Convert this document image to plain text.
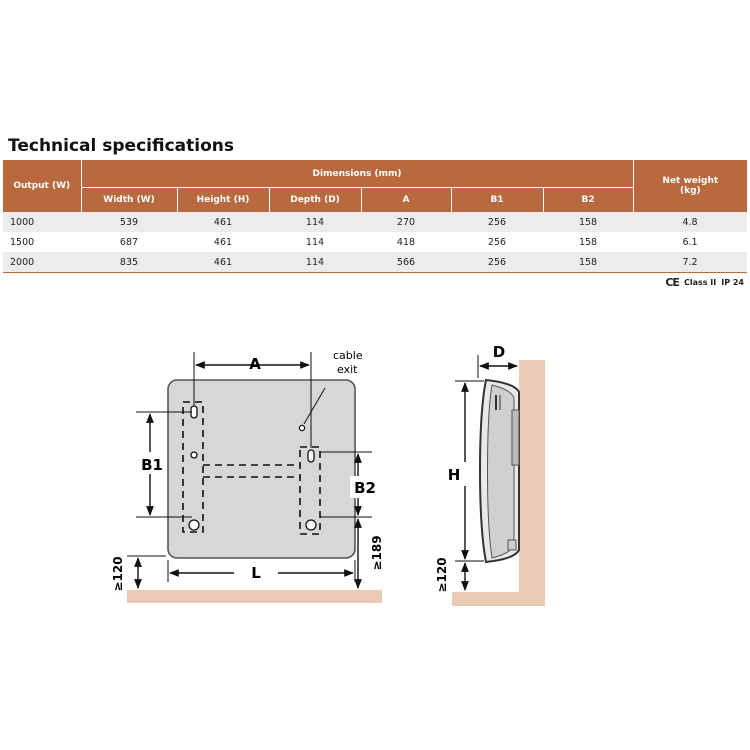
Technical specifications
Output (W)	Dimensions (mm)						Net weight
(kg)
	Width (W)	Height (H)	Depth (D)	A	B1	B2	
1000	539	461	114	270	256	158	4.8
1500	687	461	114	418	256	158	6.1
2000	835	461	114	566	256	158	7.2
CE Class II IP 24
cable
exit
A
B1
B2
≥189
≥120	L
D
H
≥120
